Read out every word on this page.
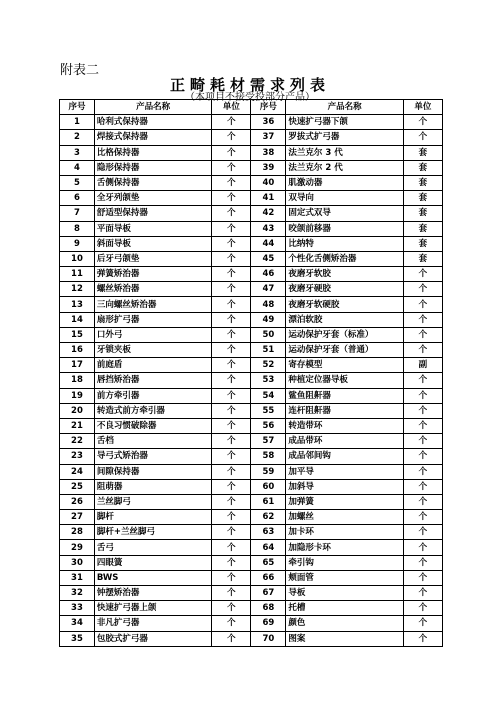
附表二
正畸耗材需求列表
（本项目不接受投部分产品）
序号	产品名称	单位	序号	产品名称	单位
1	哈利式保持器	个	36	快速扩弓器下颌	个
2	焊接式保持器	个	37	罗拔式扩弓器	个
3	比格保持器	个	38	法兰克尔 3 代	套
4	隐形保持器	个	39	法兰克尔 2 代	套
5	舌侧保持器	个	40	肌激动器	套
6	全牙列颌垫	个	41	双导向	套
7	舒适型保持器	个	42	固定式双导	套
8	平面导板	个	43	咬颌前移器	套
9	斜面导板	个	44	比纳特	套
10	后牙弓颌垫	个	45	个性化舌侧矫治器	套
11	弹簧矫治器	个	46	夜磨牙软胶	个
12	螺丝矫治器	个	47	夜磨牙硬胶	个
13	三向螺丝矫治器	个	48	夜磨牙软硬胶	个
14	扇形扩弓器	个	49	漂泊软胶	个
15	口外弓	个	50	运动保护牙套（标准）	个
16	牙锁夹板	个	51	运动保护牙套（普通）	个
17	前庭盾	个	52	寄存模型	副
18	唇挡矫治器	个	53	种植定位器导板	个
19	前方牵引器	个	54	鲨鱼阻鼾器	个
20	转造式前方牵引器	个	55	连杆阻鼾器	个
21	不良习惯破除器	个	56	转造带环	个
22	舌档	个	57	成品带环	个
23	导弓式矫治器	个	58	成品邻间钩	个
24	间隙保持器	个	59	加平导	个
25	阻萌器	个	60	加斜导	个
26	兰丝脚弓	个	61	加弹簧	个
27	脚杆	个	62	加螺丝	个
28	脚杆+兰丝脚弓	个	63	加卡环	个
29	舌弓	个	64	加隐形卡环	个
30	四眼簧	个	65	牵引钩	个
31	BWS	个	66	颊面管	个
32	钟摆矫治器	个	67	导板	个
33	快速扩弓器上颌	个	68	托槽	个
34	非凡扩弓器	个	69	颜色	个
35	包胶式扩弓器	个	70	图案	个
